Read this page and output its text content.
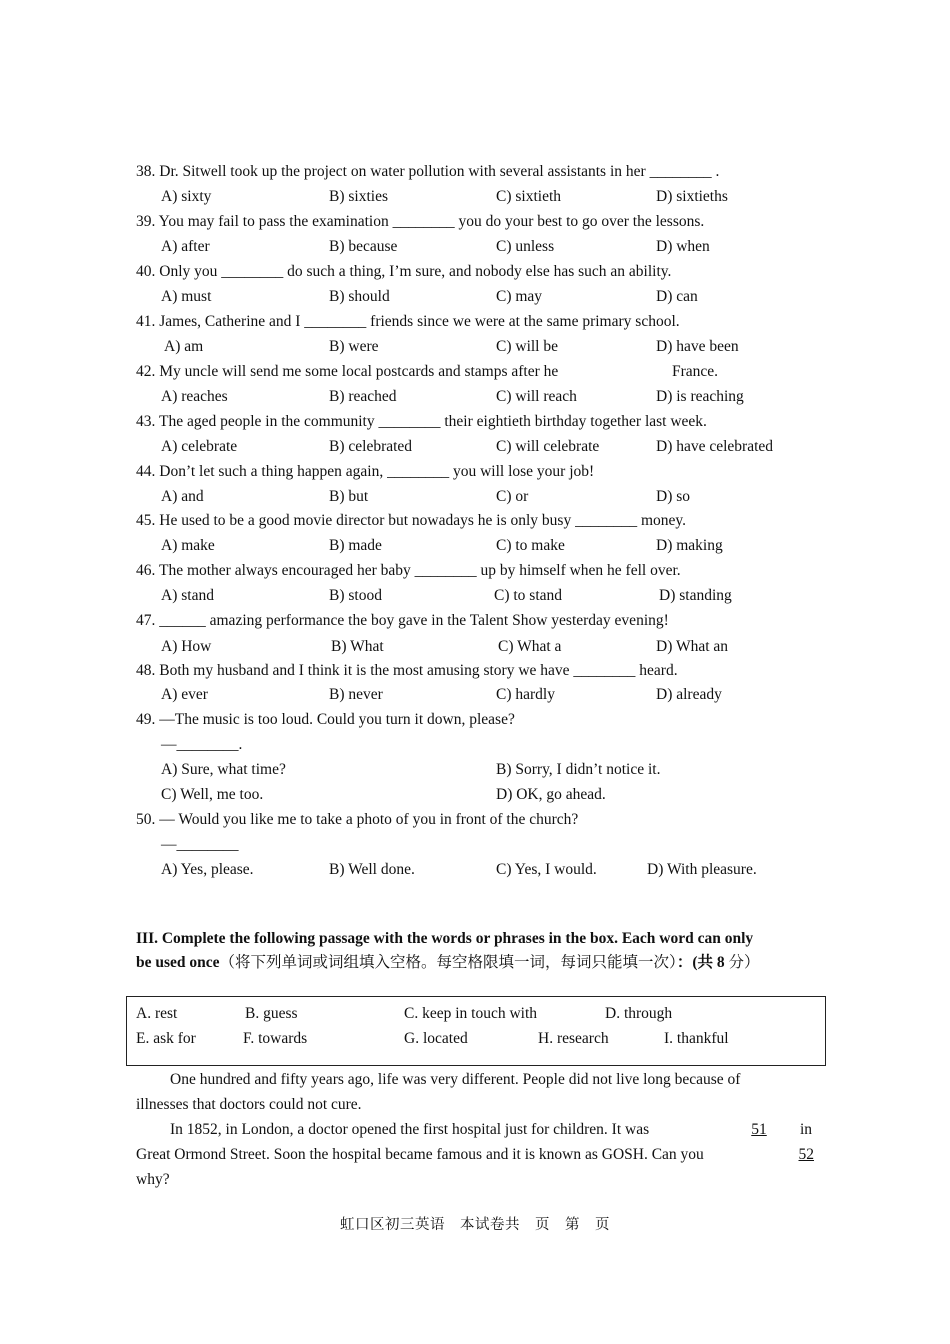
38. Dr. Sitwell took up the project on water pollution with several assistants in her ________ .
A) sixty	B) sixties	C) sixtieth	D) sixtieths
39. You may fail to pass the examination ________ you do your best to go over the lessons.
A) after	B) because	C) unless	D) when
40. Only you ________ do such a thing, I’m sure, and nobody else has such an ability.
A) must	B) should	C) may	D) can
41. James, Catherine and I ________ friends since we were at the same primary school.
A) am	B) were	C) will be	D) have been
42. My uncle will send me some local postcards and stamps after he	France.
A) reaches	B) reached	C) will reach	D) is reaching
43. The aged people in the community ________ their eightieth birthday together last week.
A) celebrate	B) celebrated	C) will celebrate	D) have celebrated
44. Don’t let such a thing happen again, ________ you will lose your job!
A) and	B) but	C) or	D) so
45. He used to be a good movie director but nowadays he is only busy ________ money.
A) make	B) made	C) to make	D) making
46. The mother always encouraged her baby ________ up by himself when he fell over.
A) stand	B) stood	C) to stand	D) standing
47. ______ amazing performance the boy gave in the Talent Show yesterday evening!
A) How	B) What	C) What a	D) What an
48. Both my husband and I think it is the most amusing story we have ________ heard.
A) ever	B) never	C) hardly	D) already
49. —The music is too loud. Could you turn it down, please?
—________.
A) Sure, what time?	B) Sorry, I didn’t notice it.
C) Well, me too.	D) OK, go ahead.
50. — Would you like me to take a photo of you in front of the church?
—________
A) Yes, please.	B) Well done.	C) Yes, I would.	D) With pleasure.
III. Complete the following passage with the words or phrases in the box. Each word can only
be used once（将下列单词或词组填入空格。每空格限填一词，每词只能填一次）：(共 8 分）
A. rest	B. guess	C. keep in touch with	D. through
E. ask for	F. towards	G. located	H. research	I. thankful
One hundred and fifty years ago, life was very different. People did not live long because of
illnesses that doctors could not cure.
In 1852, in London, a doctor opened the first hospital just for children. It was	51	in
Great Ormond Street. Soon the hospital became famous and it is known as GOSH. Can you	52
why?
虹口区初三英语　本试卷共　页　第　页
